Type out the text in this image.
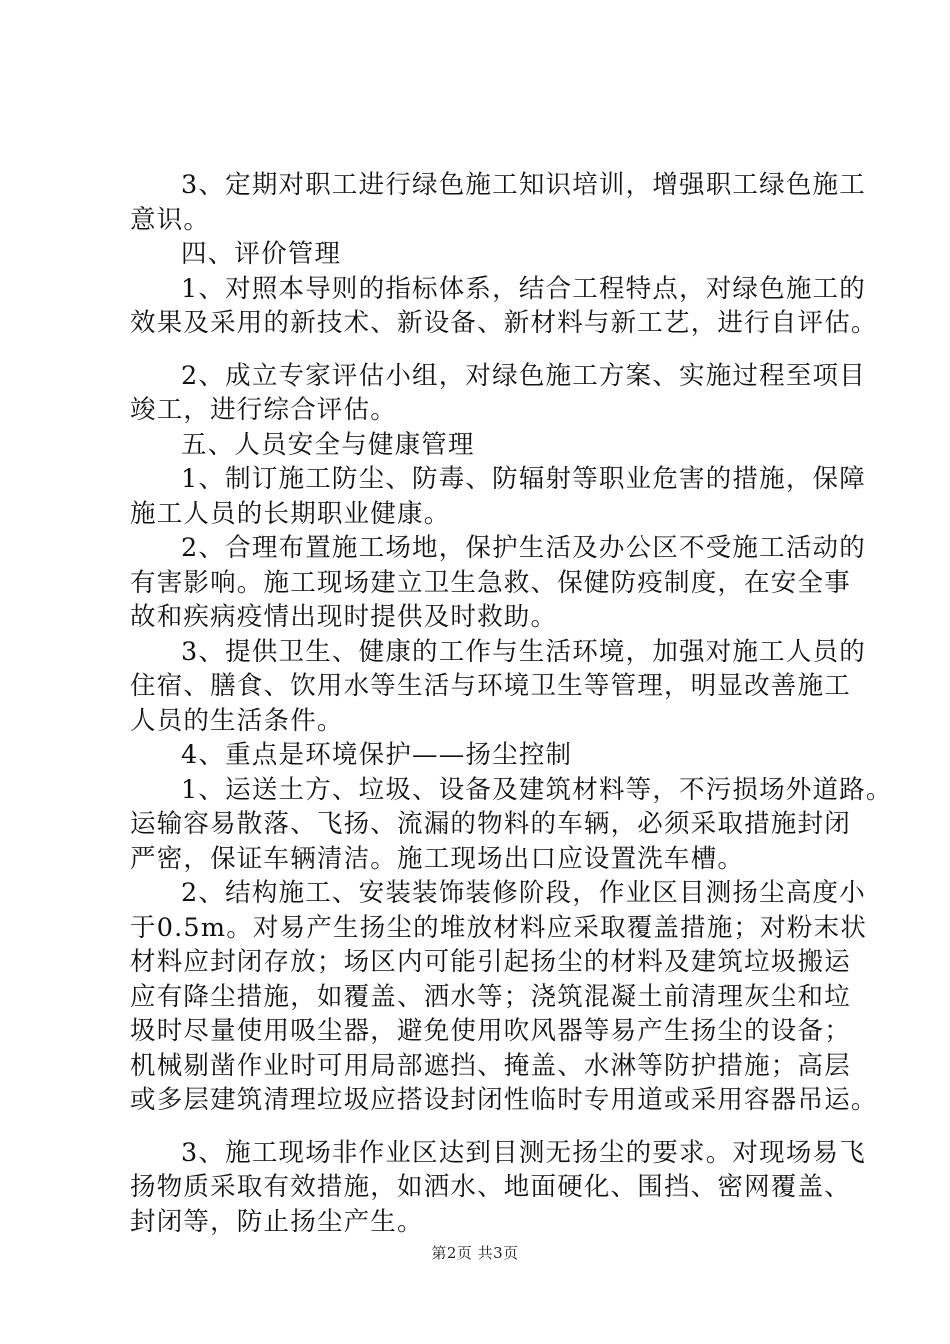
3、定期对职工进行绿色施工知识培训，增强职工绿色施工
意识。
四、评价管理
1、对照本导则的指标体系，结合工程特点，对绿色施工的
效果及采用的新技术、新设备、新材料与新工艺，进行自评估。
2、成立专家评估小组，对绿色施工方案、实施过程至项目
竣工，进行综合评估。
五、人员安全与健康管理
1、制订施工防尘、防毒、防辐射等职业危害的措施，保障
施工人员的长期职业健康。
2、合理布置施工场地，保护生活及办公区不受施工活动的
有害影响。施工现场建立卫生急救、保健防疫制度，在安全事
故和疾病疫情出现时提供及时救助。
3、提供卫生、健康的工作与生活环境，加强对施工人员的
住宿、膳食、饮用水等生活与环境卫生等管理，明显改善施工
人员的生活条件。
4、重点是环境保护——扬尘控制
1、运送土方、垃圾、设备及建筑材料等，不污损场外道路。
运输容易散落、飞扬、流漏的物料的车辆，必须采取措施封闭
严密，保证车辆清洁。施工现场出口应设置洗车槽。
2、结构施工、安装装饰装修阶段，作业区目测扬尘高度小
于0.5m。对易产生扬尘的堆放材料应采取覆盖措施；对粉末状
材料应封闭存放；场区内可能引起扬尘的材料及建筑垃圾搬运
应有降尘措施，如覆盖、洒水等；浇筑混凝土前清理灰尘和垃
圾时尽量使用吸尘器，避免使用吹风器等易产生扬尘的设备；
机械剔凿作业时可用局部遮挡、掩盖、水淋等防护措施；高层
或多层建筑清理垃圾应搭设封闭性临时专用道或采用容器吊运。
3、施工现场非作业区达到目测无扬尘的要求。对现场易飞
扬物质采取有效措施，如洒水、地面硬化、围挡、密网覆盖、
封闭等，防止扬尘产生。
第2页 共3页
